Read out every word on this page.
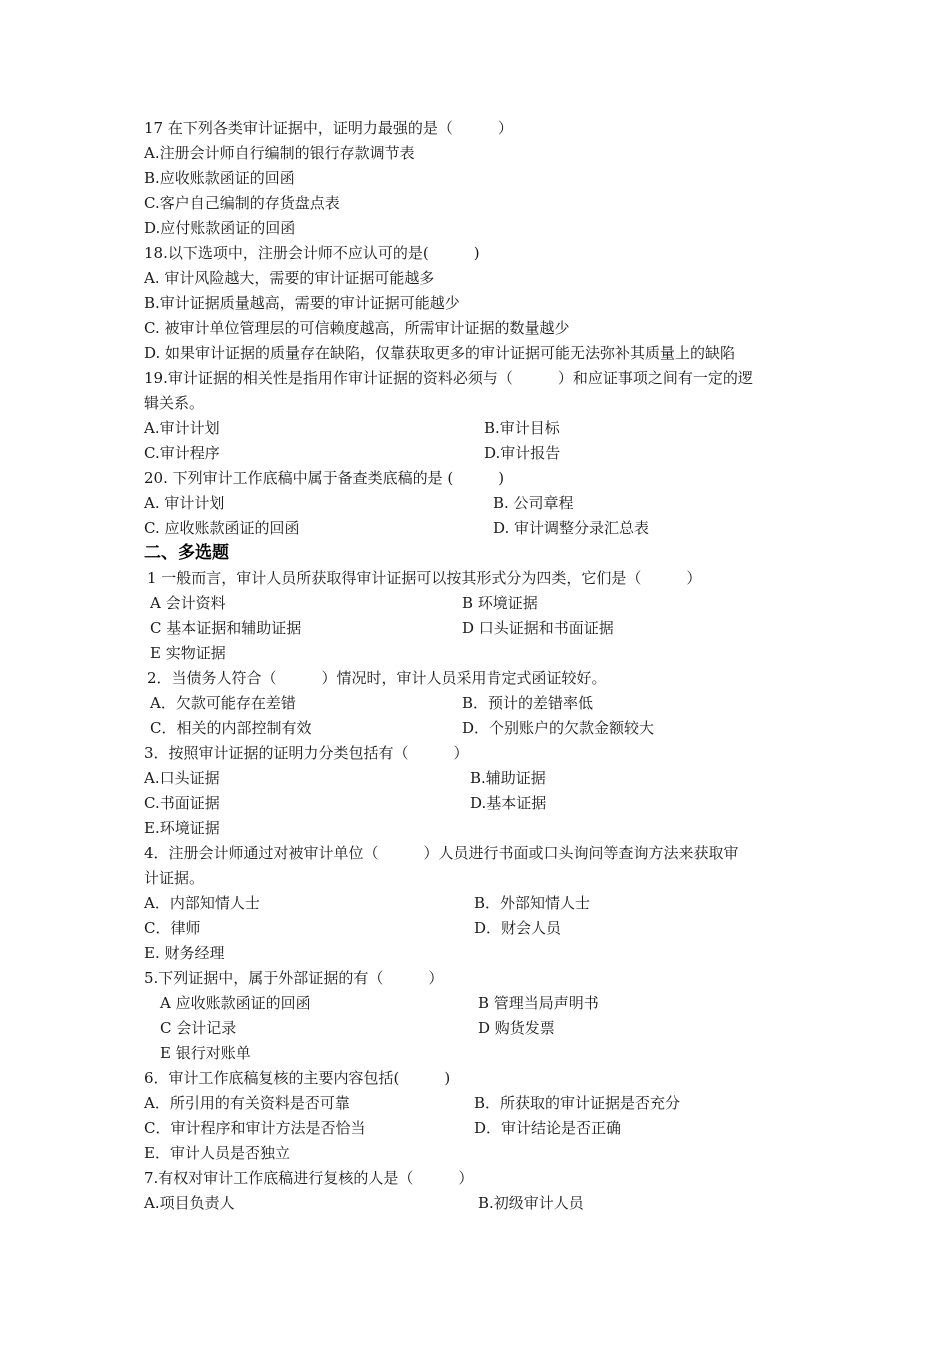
17 在下列各类审计证据中，证明力最强的是（　　　）
A.注册会计师自行编制的银行存款调节表
B.应收账款函证的回函
C.客户自己编制的存货盘点表
D.应付账款函证的回函
18.以下选项中，注册会计师不应认可的是(　　　)
A. 审计风险越大，需要的审计证据可能越多
B.审计证据质量越高，需要的审计证据可能越少
C. 被审计单位管理层的可信赖度越高，所需审计证据的数量越少
D. 如果审计证据的质量存在缺陷，仅靠获取更多的审计证据可能无法弥补其质量上的缺陷
19.审计证据的相关性是指用作审计证据的资料必须与（　　　）和应证事项之间有一定的逻
辑关系。
A.审计计划	B.审计目标
C.审计程序	D.审计报告
20. 下列审计工作底稿中属于备查类底稿的是 (　　　)
A. 审计计划	B. 公司章程
C. 应收账款函证的回函	D. 审计调整分录汇总表
二、多选题
1 一般而言，审计人员所获取得审计证据可以按其形式分为四类，它们是（　　　）
A 会计资料	B 环境证据
C 基本证据和辅助证据	D 口头证据和书面证据
E 实物证据
2．当债务人符合（　　　）情况时，审计人员采用肯定式函证较好。
A．欠款可能存在差错	B．预计的差错率低
C．相关的内部控制有效	D．个别账户的欠款金额较大
3．按照审计证据的证明力分类包括有（　　　）
A.口头证据	B.辅助证据
C.书面证据	D.基本证据
E.环境证据
4．注册会计师通过对被审计单位（　　　）人员进行书面或口头询问等查询方法来获取审
计证据。
A．内部知情人士	B．外部知情人士
C．律师	D．财会人员
E. 财务经理
5.下列证据中，属于外部证据的有（　　　）
A 应收账款函证的回函	B 管理当局声明书
C 会计记录	D 购货发票
E 银行对账单
6．审计工作底稿复核的主要内容包括(　　　)
A．所引用的有关资料是否可靠	B．所获取的审计证据是否充分
C．审计程序和审计方法是否恰当	D．审计结论是否正确
E．审计人员是否独立
7.有权对审计工作底稿进行复核的人是（　　　）
A.项目负责人	B.初级审计人员
